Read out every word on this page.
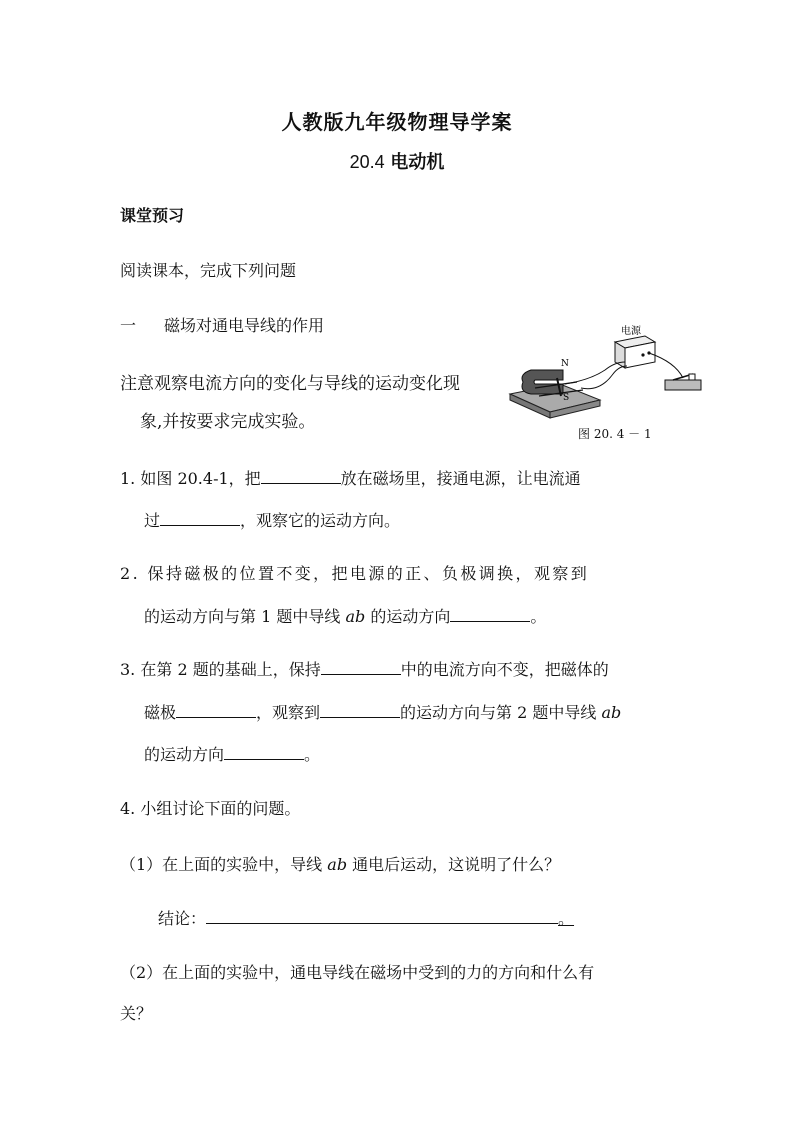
人教版九年级物理导学案
20.4 电动机
课堂预习
阅读课本，完成下列问题
一 磁场对通电导线的作用
注意观察电流方向的变化与导线的运动变化现
象,并按要求完成实验。
电源
N
S
图 20. 4 － 1
1. 如图 20.4-1，把	放在磁场里，接通电源，让电流通
过	，观察它的运动方向。
2. 保持磁极的位置不变，把电源的正、负极调换，观察到
的运动方向与第 1 题中导线 ab 的运动方向	。
3. 在第 2 题的基础上，保持	中的电流方向不变，把磁体的
磁极	，观察到	的运动方向与第 2 题中导线 ab
的运动方向	。
4. 小组讨论下面的问题。
（1）在上面的实验中，导线 ab 通电后运动，这说明了什么？
结论：	。
（2）在上面的实验中，通电导线在磁场中受到的力的方向和什么有
关？
